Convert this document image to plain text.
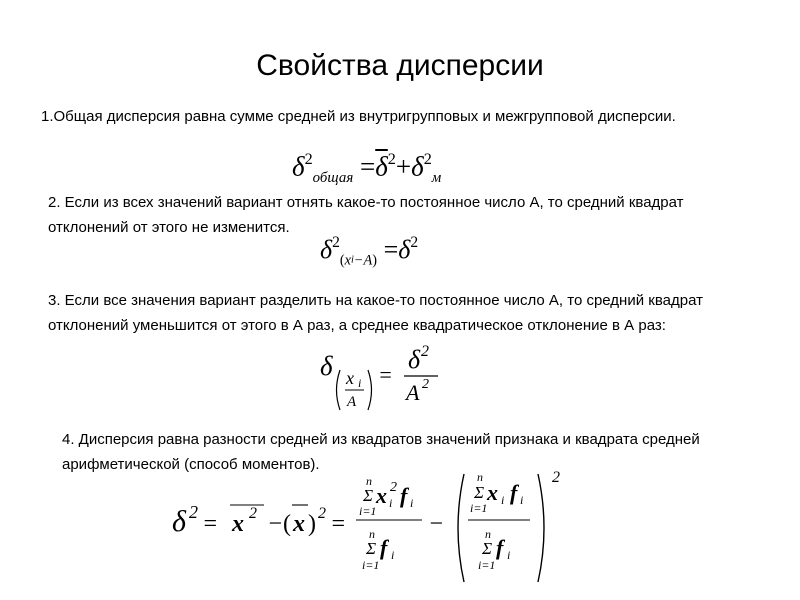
Свойства дисперсии

1.Общая дисперсия равна сумме средней из внутригрупповых и межгрупповой дисперсии.

$\delta^2_{общая} =\overline{\delta}^2+\delta^2_м$

2. Если из всех значений вариант отнять какое-то постоянное число А, то средний квадрат отклонений от этого не изменится.

$\delta^2_{(xi-A)} =\delta^2$

3. Если все значения вариант разделить на какое-то постоянное число А, то средний квадрат отклонений уменьшится от этого в А раз, а среднее квадратическое отклонение в А раз:

δ x i
A
=
δ 2
A 2

4. Дисперсия равна разности средней из квадратов значений признака и квадрата средней арифметической (способ моментов).

δ 2 = x 2 − ( x ) 2 =
n
Σ
i=1
x i
2 f i
n
Σ
i=1
f i
−
n
Σ
i=1
x i f i
n
Σ
i=1
f i
2
